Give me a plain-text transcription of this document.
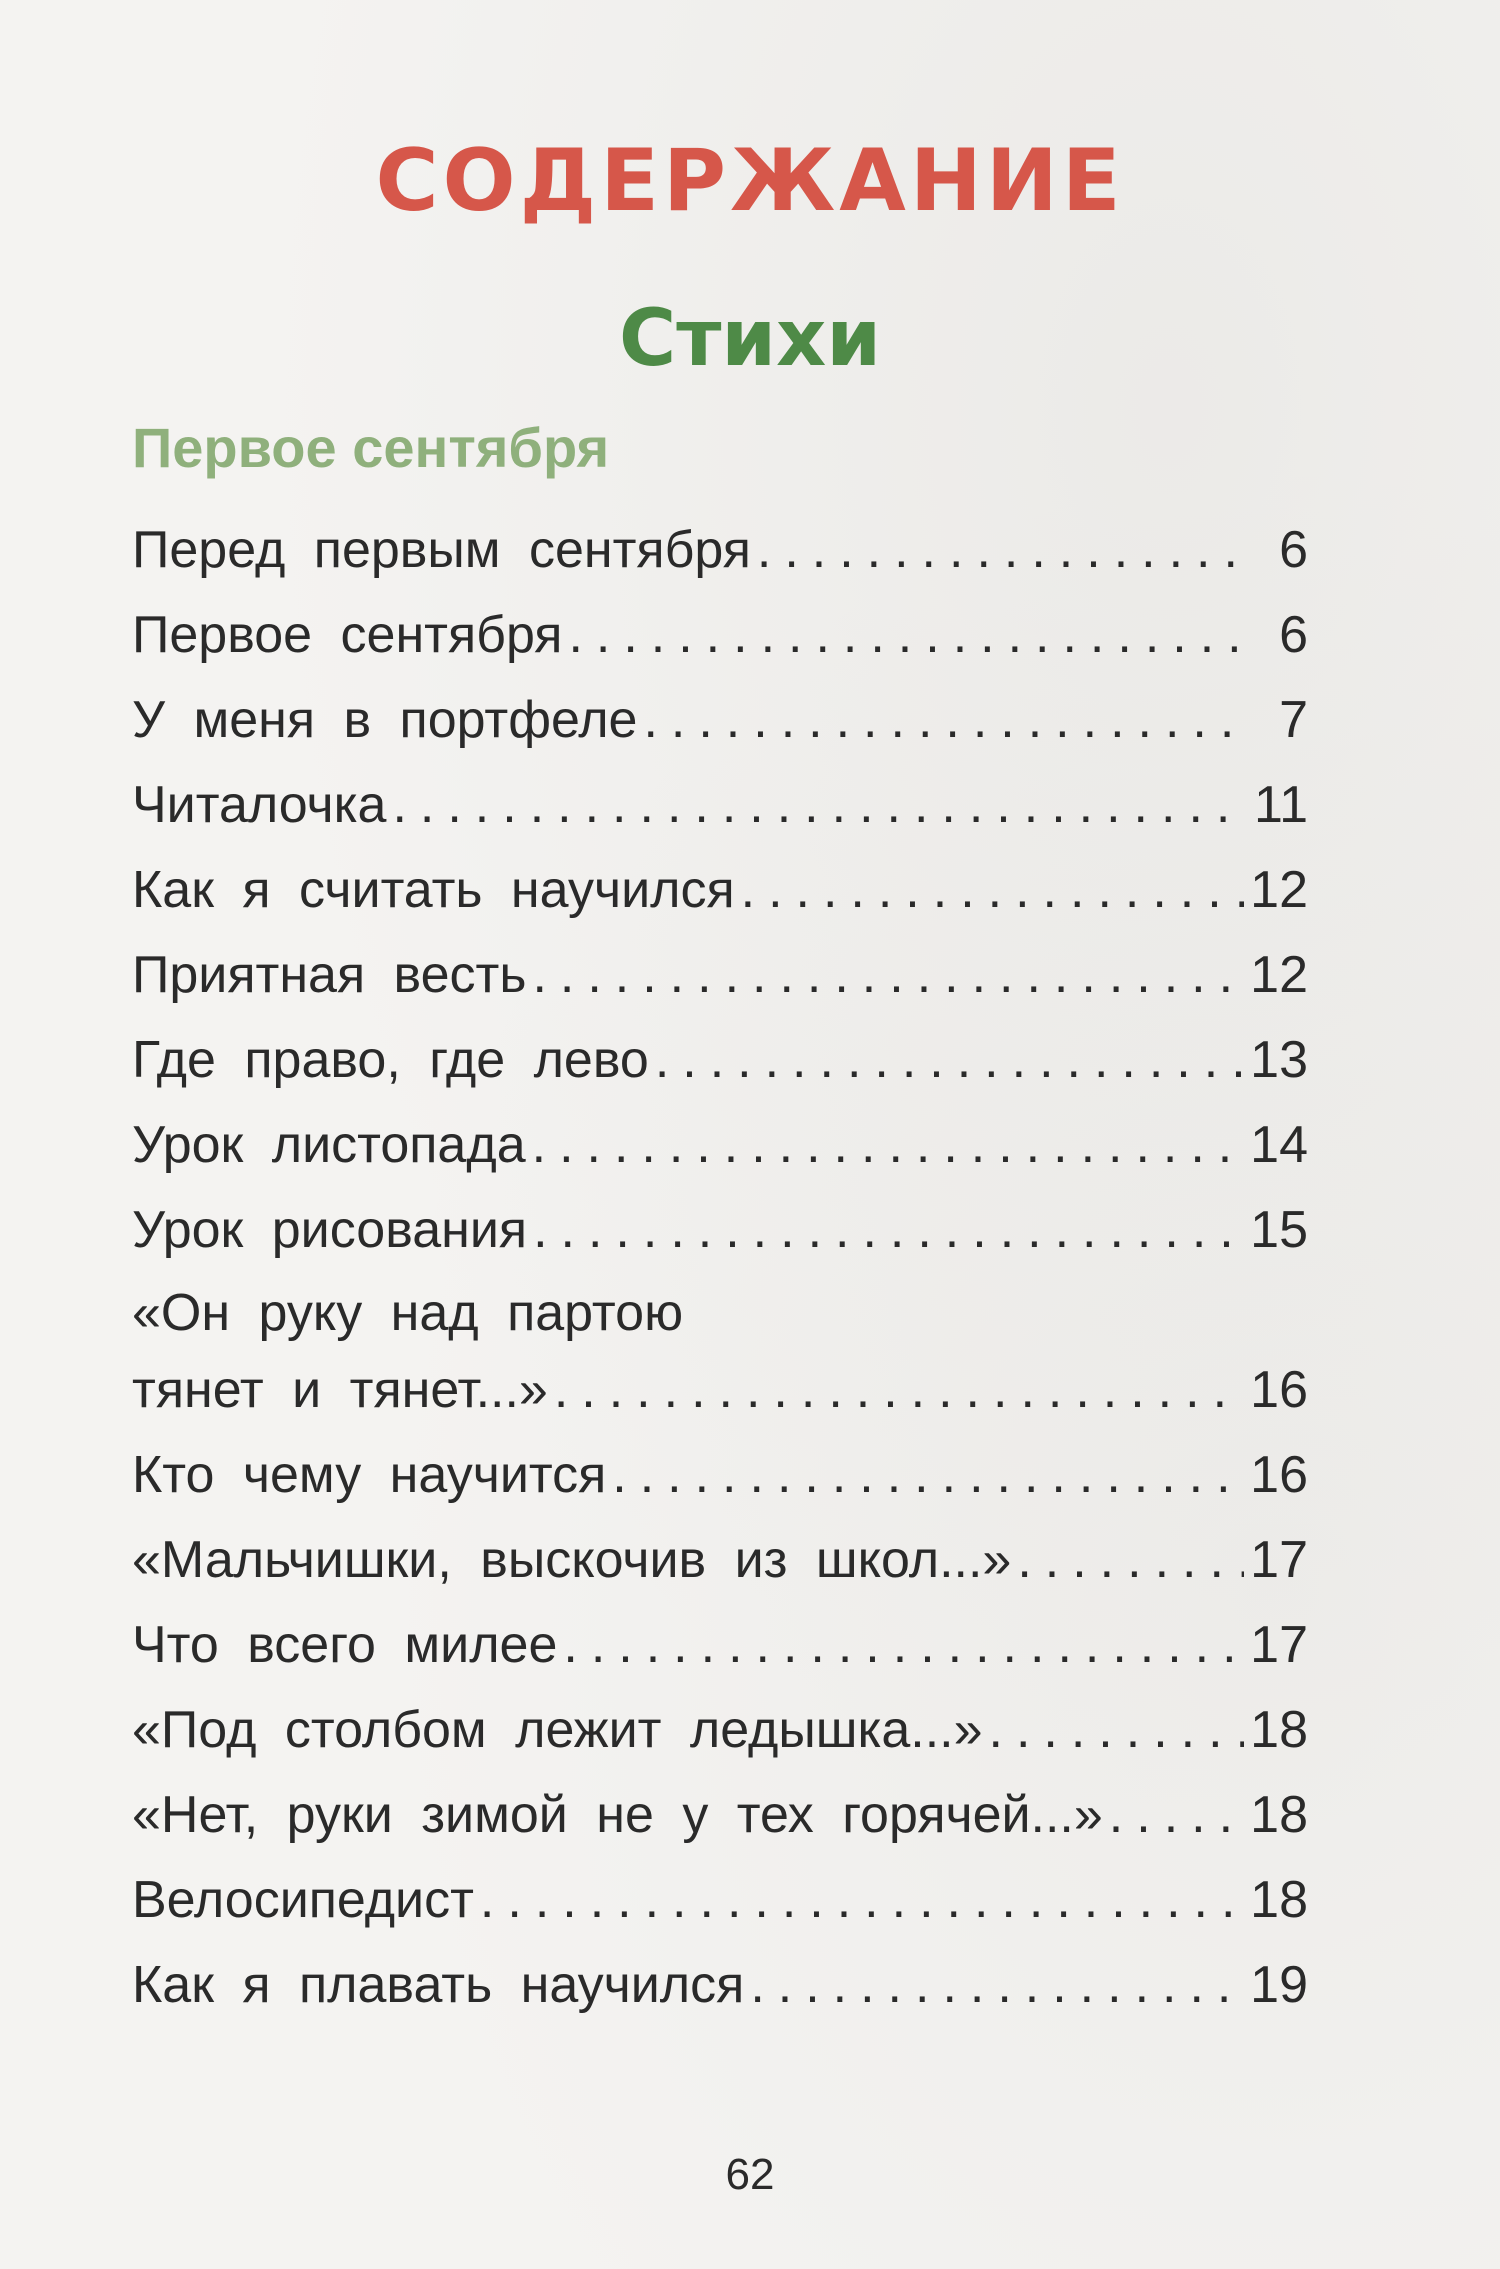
СОДЕРЖАНИЕ
Стихи
Первое сентября
Перед первым сентября .....	6
Первое сентября .....	6
У меня в портфеле .....	7
Читалочка .....	11
Как я считать научился .....	12
Приятная весть .....	12
Где право, где лево .....	13
Урок листопада .....	14
Урок рисования .....	15
«Он руку над партою
тянет и тянет...» .....	16
Кто чему научится .....	16
«Мальчишки, выскочив из школ...» .....	17
Что всего милее .....	17
«Под столбом лежит ледышка...» .....	18
«Нет, руки зимой не у тех горячей...» .....	18
Велосипедист .....	18
Как я плавать научился .....	19
62
